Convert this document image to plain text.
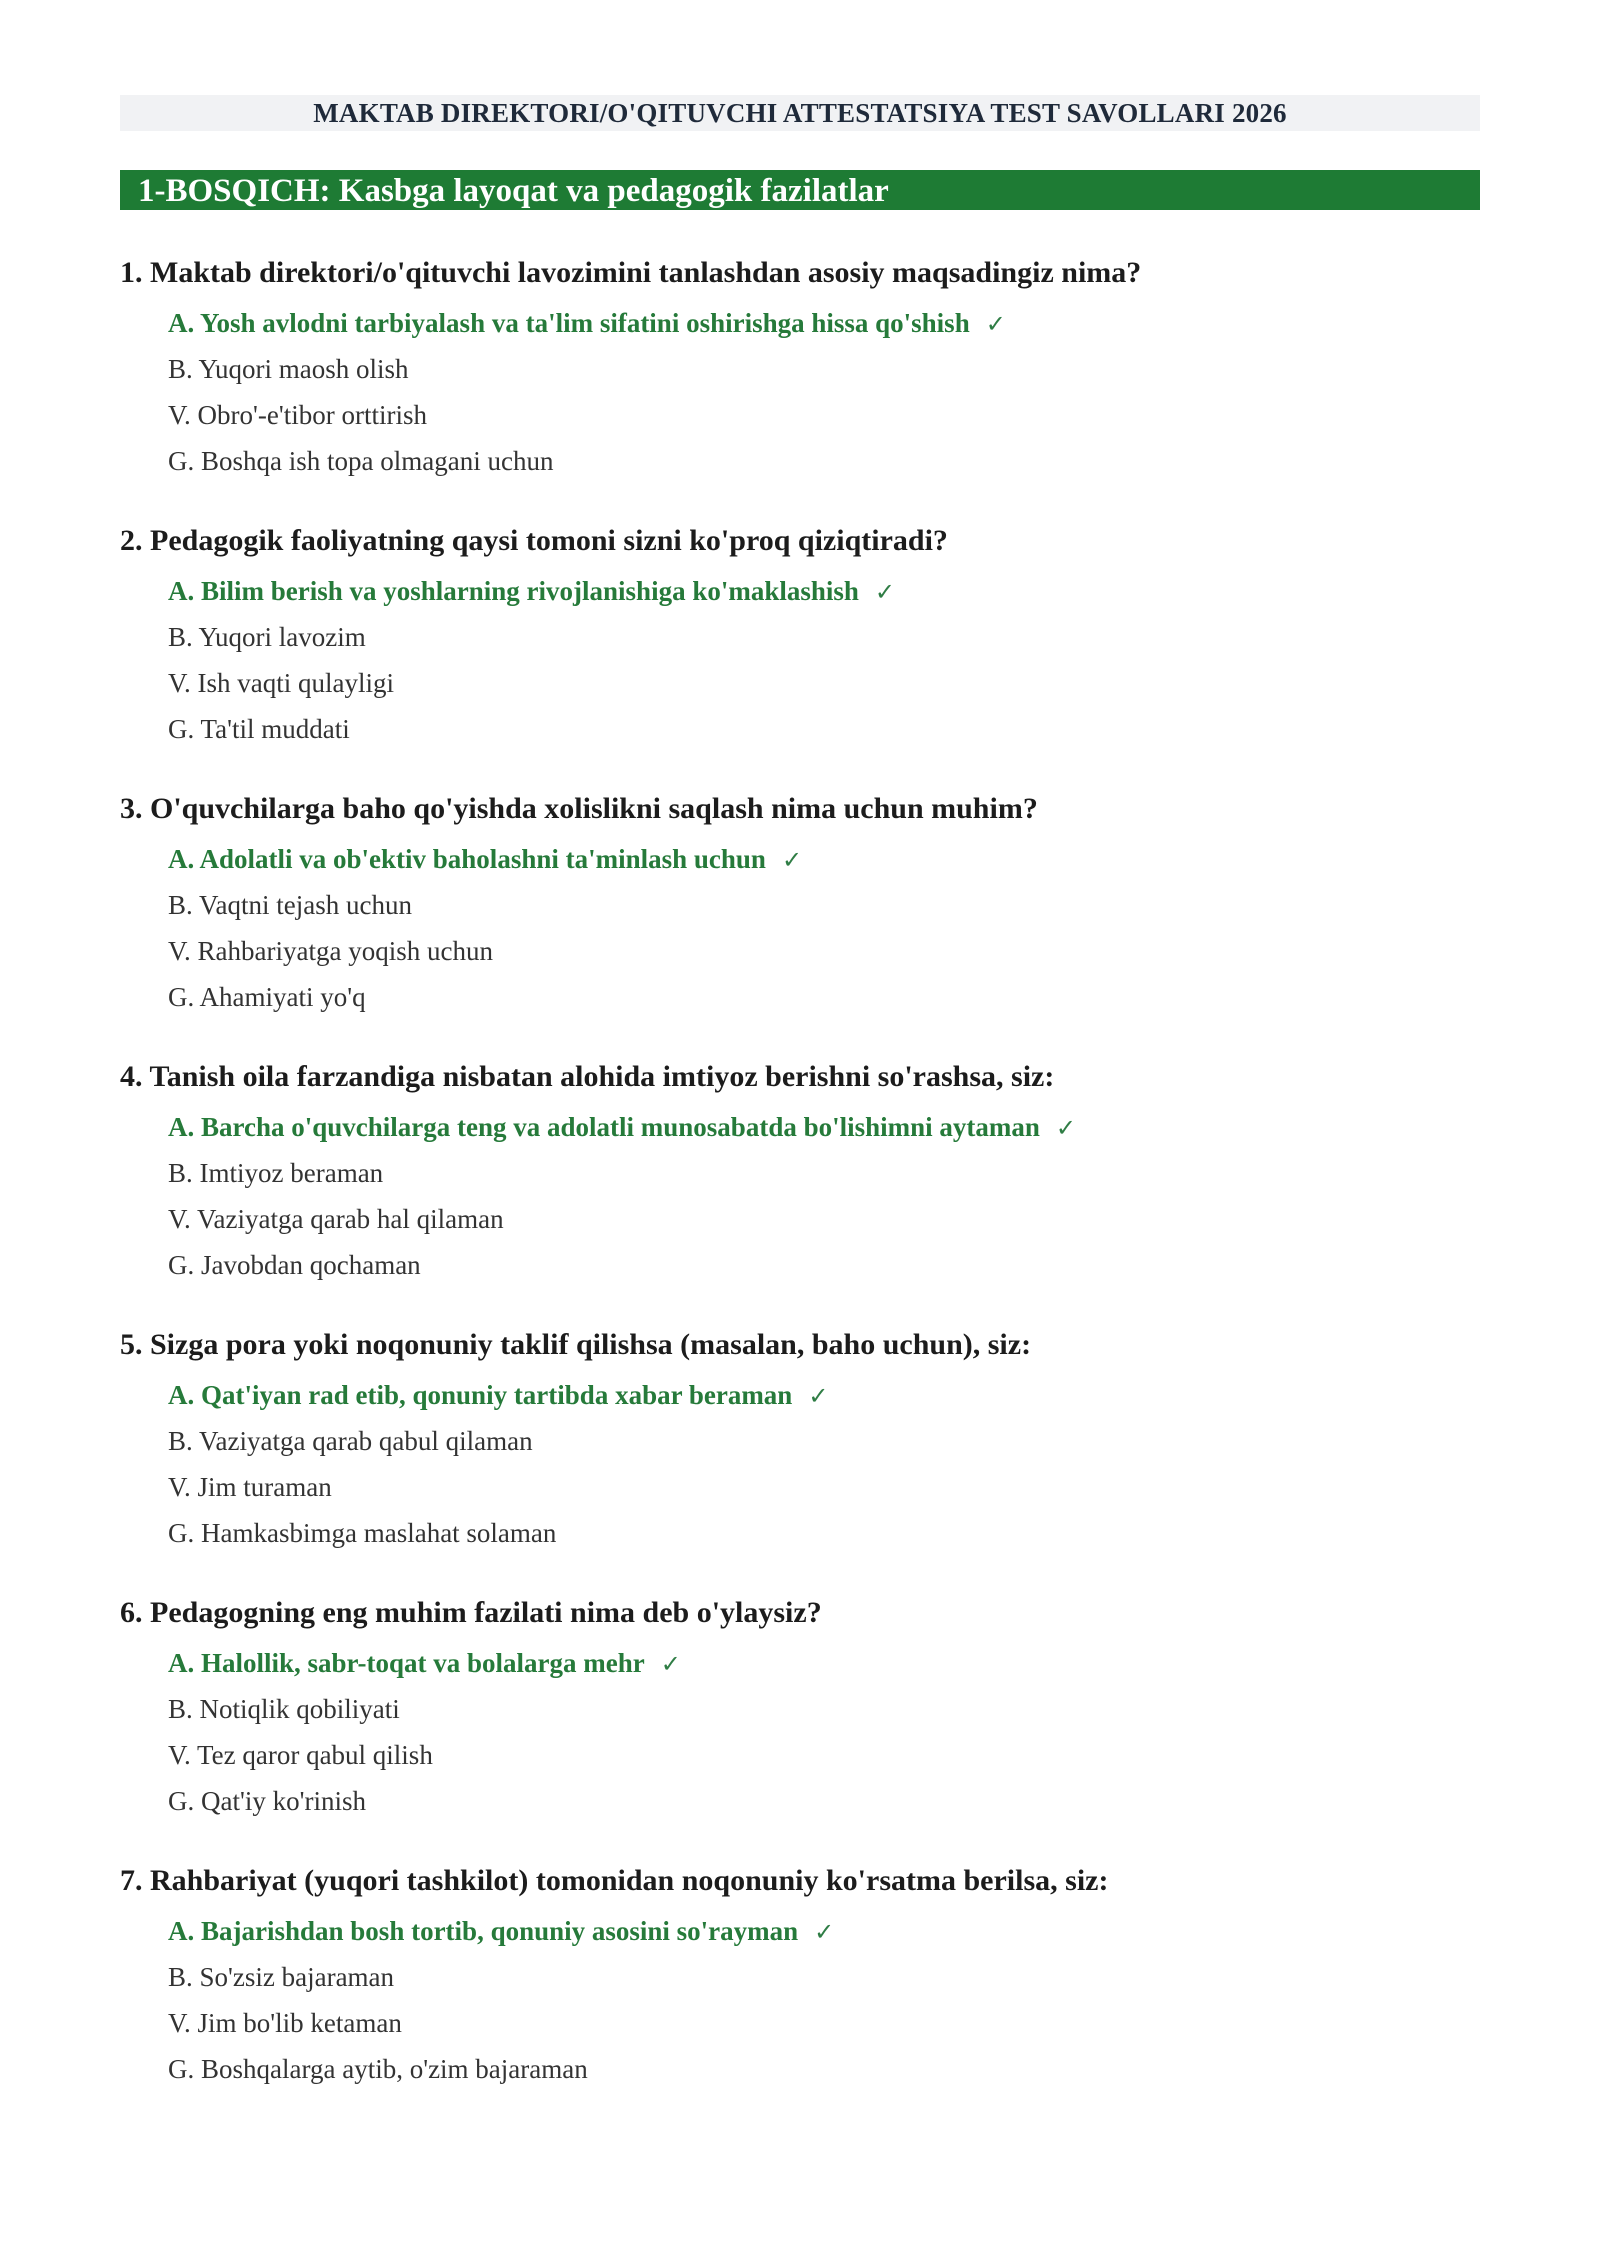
MAKTAB DIREKTORI/O'QITUVCHI ATTESTATSIYA TEST SAVOLLARI 2026
1-BOSQICH: Kasbga layoqat va pedagogik fazilatlar
1. Maktab direktori/o'qituvchi lavozimini tanlashdan asosiy maqsadingiz nima?
A. Yosh avlodni tarbiyalash va ta'lim sifatini oshirishga hissa qo'shish ✓
B. Yuqori maosh olish
V. Obro'-e'tibor orttirish
G. Boshqa ish topa olmagani uchun
2. Pedagogik faoliyatning qaysi tomoni sizni ko'proq qiziqtiradi?
A. Bilim berish va yoshlarning rivojlanishiga ko'maklashish ✓
B. Yuqori lavozim
V. Ish vaqti qulayligi
G. Ta'til muddati
3. O'quvchilarga baho qo'yishda xolislikni saqlash nima uchun muhim?
A. Adolatli va ob'ektiv baholashni ta'minlash uchun ✓
B. Vaqtni tejash uchun
V. Rahbariyatga yoqish uchun
G. Ahamiyati yo'q
4. Tanish oila farzandiga nisbatan alohida imtiyoz berishni so'rashsa, siz:
A. Barcha o'quvchilarga teng va adolatli munosabatda bo'lishimni aytaman ✓
B. Imtiyoz beraman
V. Vaziyatga qarab hal qilaman
G. Javobdan qochaman
5. Sizga pora yoki noqonuniy taklif qilishsa (masalan, baho uchun), siz:
A. Qat'iyan rad etib, qonuniy tartibda xabar beraman ✓
B. Vaziyatga qarab qabul qilaman
V. Jim turaman
G. Hamkasbimga maslahat solaman
6. Pedagogning eng muhim fazilati nima deb o'ylaysiz?
A. Halollik, sabr-toqat va bolalarga mehr ✓
B. Notiqlik qobiliyati
V. Tez qaror qabul qilish
G. Qat'iy ko'rinish
7. Rahbariyat (yuqori tashkilot) tomonidan noqonuniy ko'rsatma berilsa, siz:
A. Bajarishdan bosh tortib, qonuniy asosini so'rayman ✓
B. So'zsiz bajaraman
V. Jim bo'lib ketaman
G. Boshqalarga aytib, o'zim bajaraman
